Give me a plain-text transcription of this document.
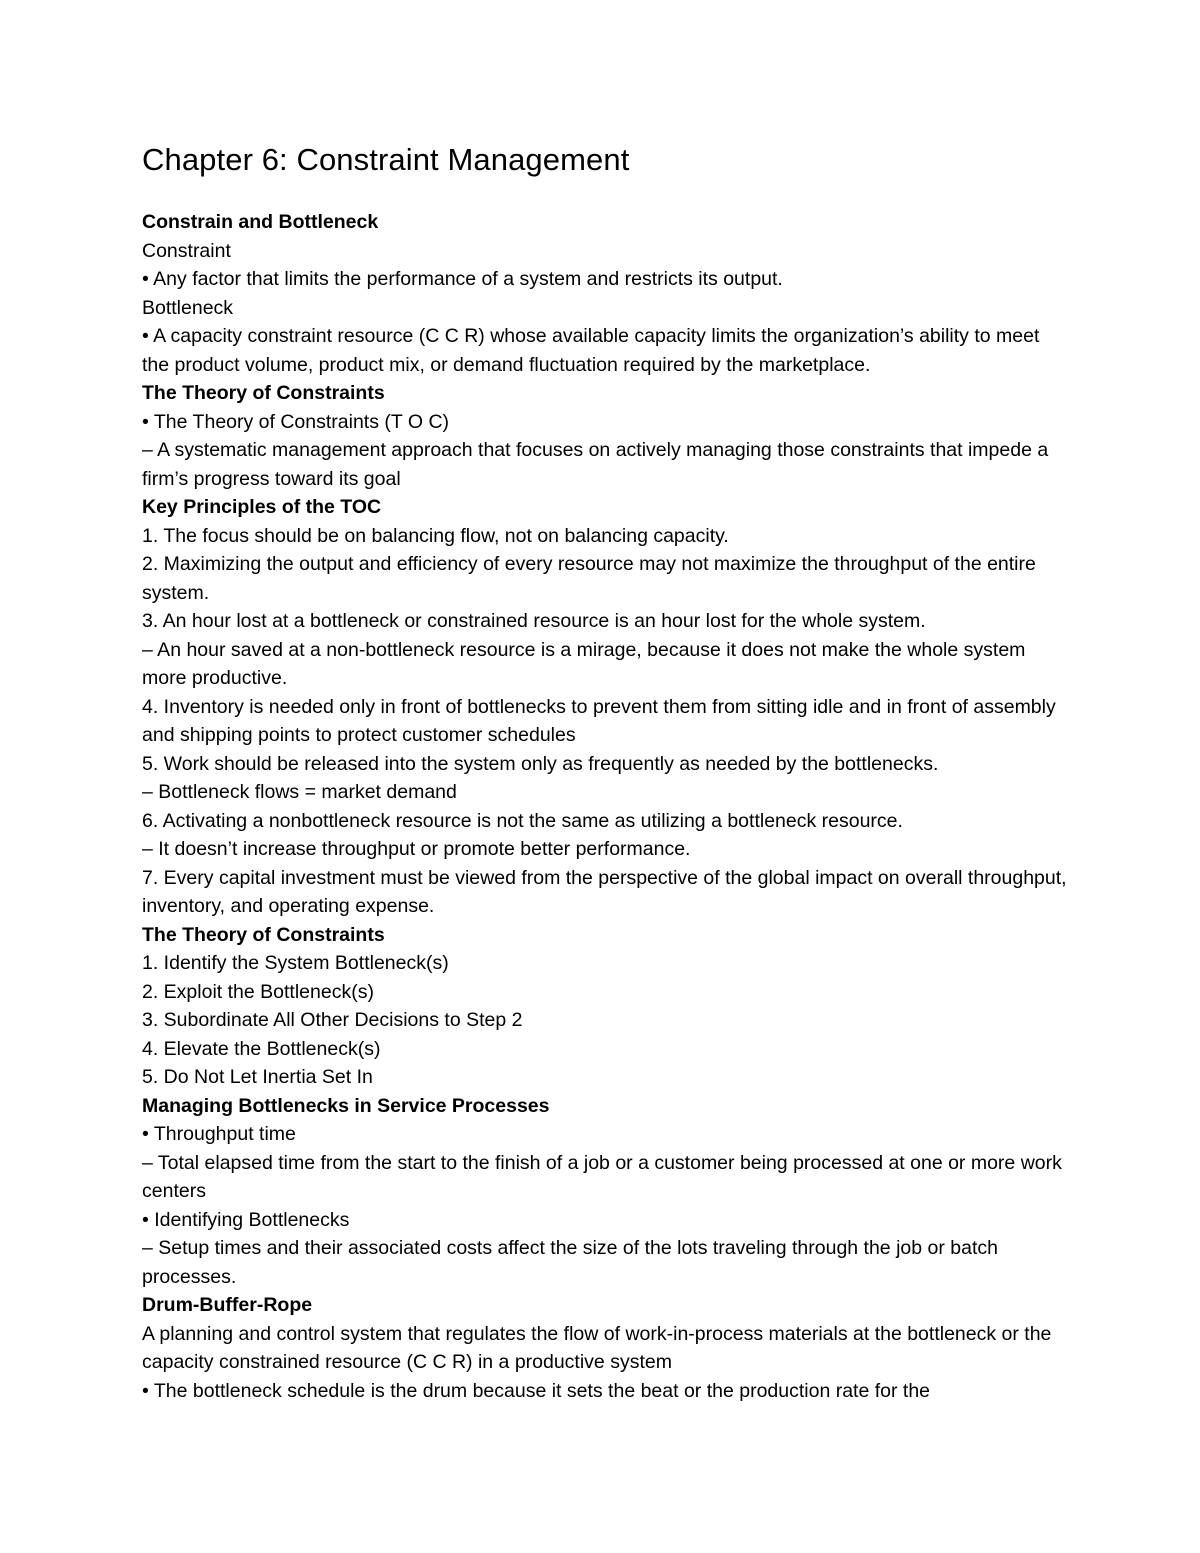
Chapter 6: Constraint Management
Constrain and Bottleneck
Constraint
• Any factor that limits the performance of a system and restricts its output.
Bottleneck
• A capacity constraint resource (C C R) whose available capacity limits the organization’s ability to meet the product volume, product mix, or demand fluctuation required by the marketplace.
The Theory of Constraints
• The Theory of Constraints (T O C)
– A systematic management approach that focuses on actively managing those constraints that impede a firm’s progress toward its goal
Key Principles of the TOC
1. The focus should be on balancing flow, not on balancing capacity.
2. Maximizing the output and efficiency of every resource may not maximize the throughput of the entire system.
3. An hour lost at a bottleneck or constrained resource is an hour lost for the whole system.
– An hour saved at a non-bottleneck resource is a mirage, because it does not make the whole system more productive.
4. Inventory is needed only in front of bottlenecks to prevent them from sitting idle and in front of assembly and shipping points to protect customer schedules
5. Work should be released into the system only as frequently as needed by the bottlenecks.
– Bottleneck flows = market demand
6. Activating a nonbottleneck resource is not the same as utilizing a bottleneck resource.
– It doesn’t increase throughput or promote better performance.
7. Every capital investment must be viewed from the perspective of the global impact on overall throughput, inventory, and operating expense.
The Theory of Constraints
1. Identify the System Bottleneck(s)
2. Exploit the Bottleneck(s)
3. Subordinate All Other Decisions to Step 2
4. Elevate the Bottleneck(s)
5. Do Not Let Inertia Set In
Managing Bottlenecks in Service Processes
• Throughput time
– Total elapsed time from the start to the finish of a job or a customer being processed at one or more work centers
• Identifying Bottlenecks
– Setup times and their associated costs affect the size of the lots traveling through the job or batch processes.
Drum-Buffer-Rope
A planning and control system that regulates the flow of work-in-process materials at the bottleneck or the capacity constrained resource (C C R) in a productive system
• The bottleneck schedule is the drum because it sets the beat or the production rate for the
